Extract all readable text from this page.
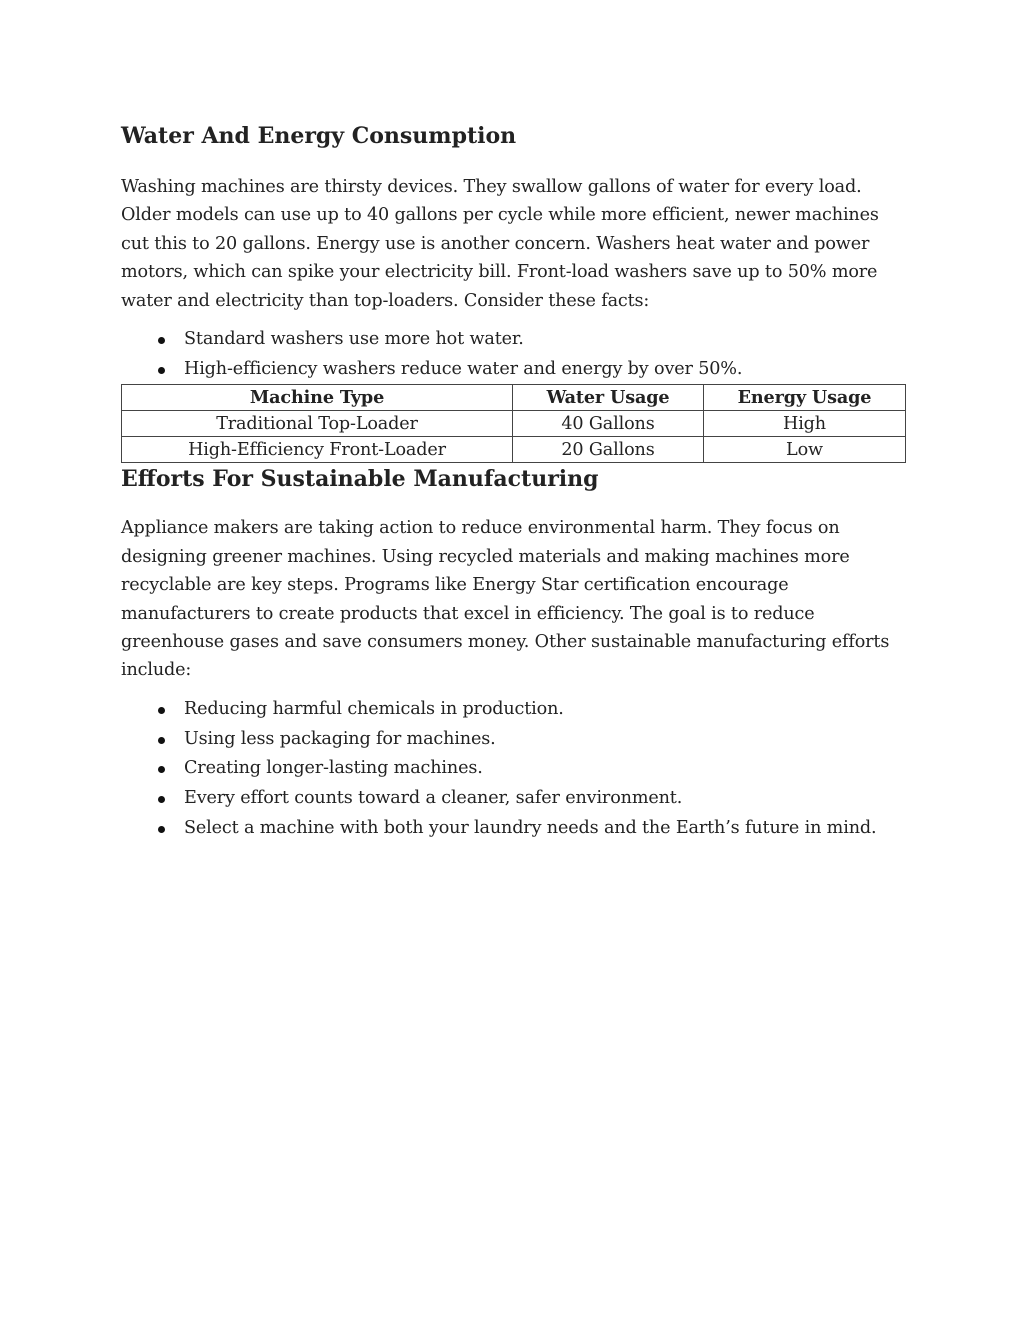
Water And Energy Consumption

Washing machines are thirsty devices. They swallow gallons of water for every load. Older models can use up to 40 gallons per cycle while more efficient, newer machines cut this to 20 gallons. Energy use is another concern. Washers heat water and power motors, which can spike your electricity bill. Front-load washers save up to 50% more water and electricity than top-loaders. Consider these facts:

Standard washers use more hot water.
High-efficiency washers reduce water and energy by over 50%.
Machine Type	Water Usage	Energy Usage
Traditional Top-Loader	40 Gallons	High
High-Efficiency Front-Loader	20 Gallons	Low
Efforts For Sustainable Manufacturing

Appliance makers are taking action to reduce environmental harm. They focus on designing greener machines. Using recycled materials and making machines more recyclable are key steps. Programs like Energy Star certification encourage manufacturers to create products that excel in efficiency. The goal is to reduce greenhouse gases and save consumers money. Other sustainable manufacturing efforts include:

Reducing harmful chemicals in production.
Using less packaging for machines.
Creating longer-lasting machines.
Every effort counts toward a cleaner, safer environment.
Select a machine with both your laundry needs and the Earth’s future in mind.
